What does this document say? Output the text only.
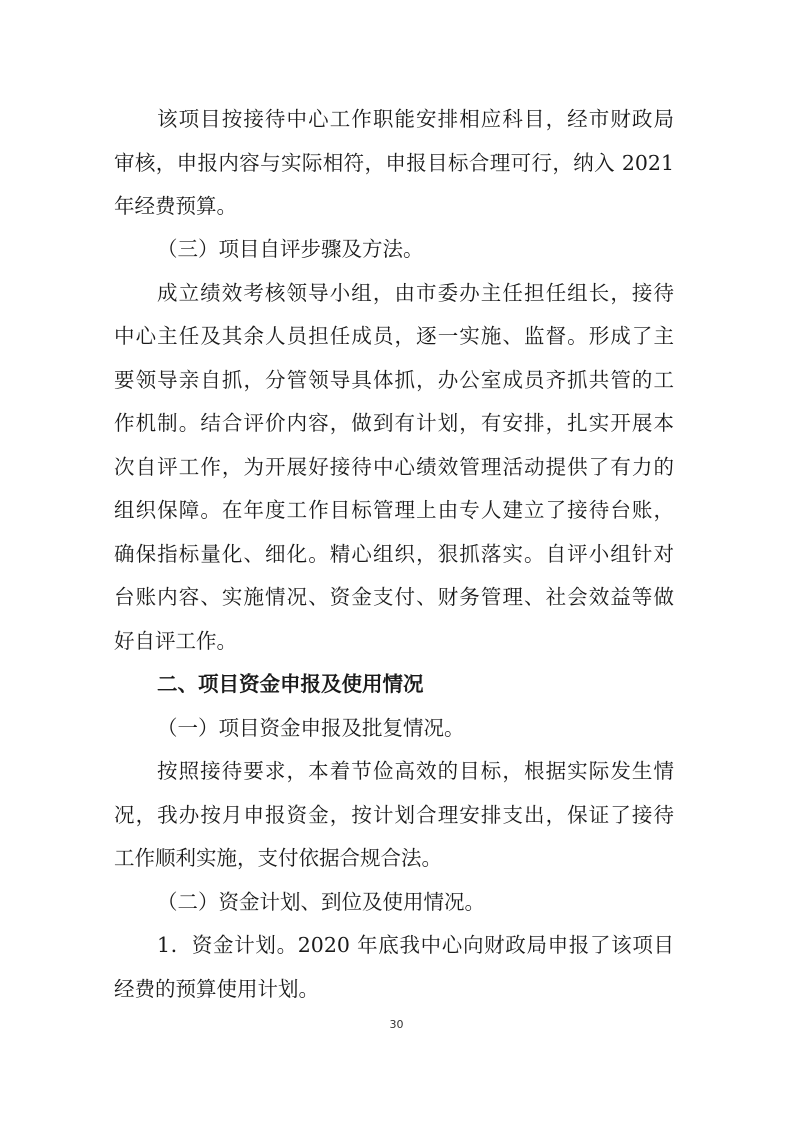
该项目按接待中心工作职能安排相应科目，经市财政局
审核，申报内容与实际相符，申报目标合理可行，纳入 2021
年经费预算。
（三）项目自评步骤及方法。
成立绩效考核领导小组，由市委办主任担任组长，接待
中心主任及其余人员担任成员，逐一实施、监督。形成了主
要领导亲自抓，分管领导具体抓，办公室成员齐抓共管的工
作机制。结合评价内容，做到有计划，有安排，扎实开展本
次自评工作，为开展好接待中心绩效管理活动提供了有力的
组织保障。在年度工作目标管理上由专人建立了接待台账，
确保指标量化、细化。精心组织，狠抓落实。自评小组针对
台账内容、实施情况、资金支付、财务管理、社会效益等做
好自评工作。
二、项目资金申报及使用情况
（一）项目资金申报及批复情况。
按照接待要求，本着节俭高效的目标，根据实际发生情
况，我办按月申报资金，按计划合理安排支出，保证了接待
工作顺利实施，支付依据合规合法。
（二）资金计划、到位及使用情况。
1．资金计划。2020 年底我中心向财政局申报了该项目
经费的预算使用计划。
30
